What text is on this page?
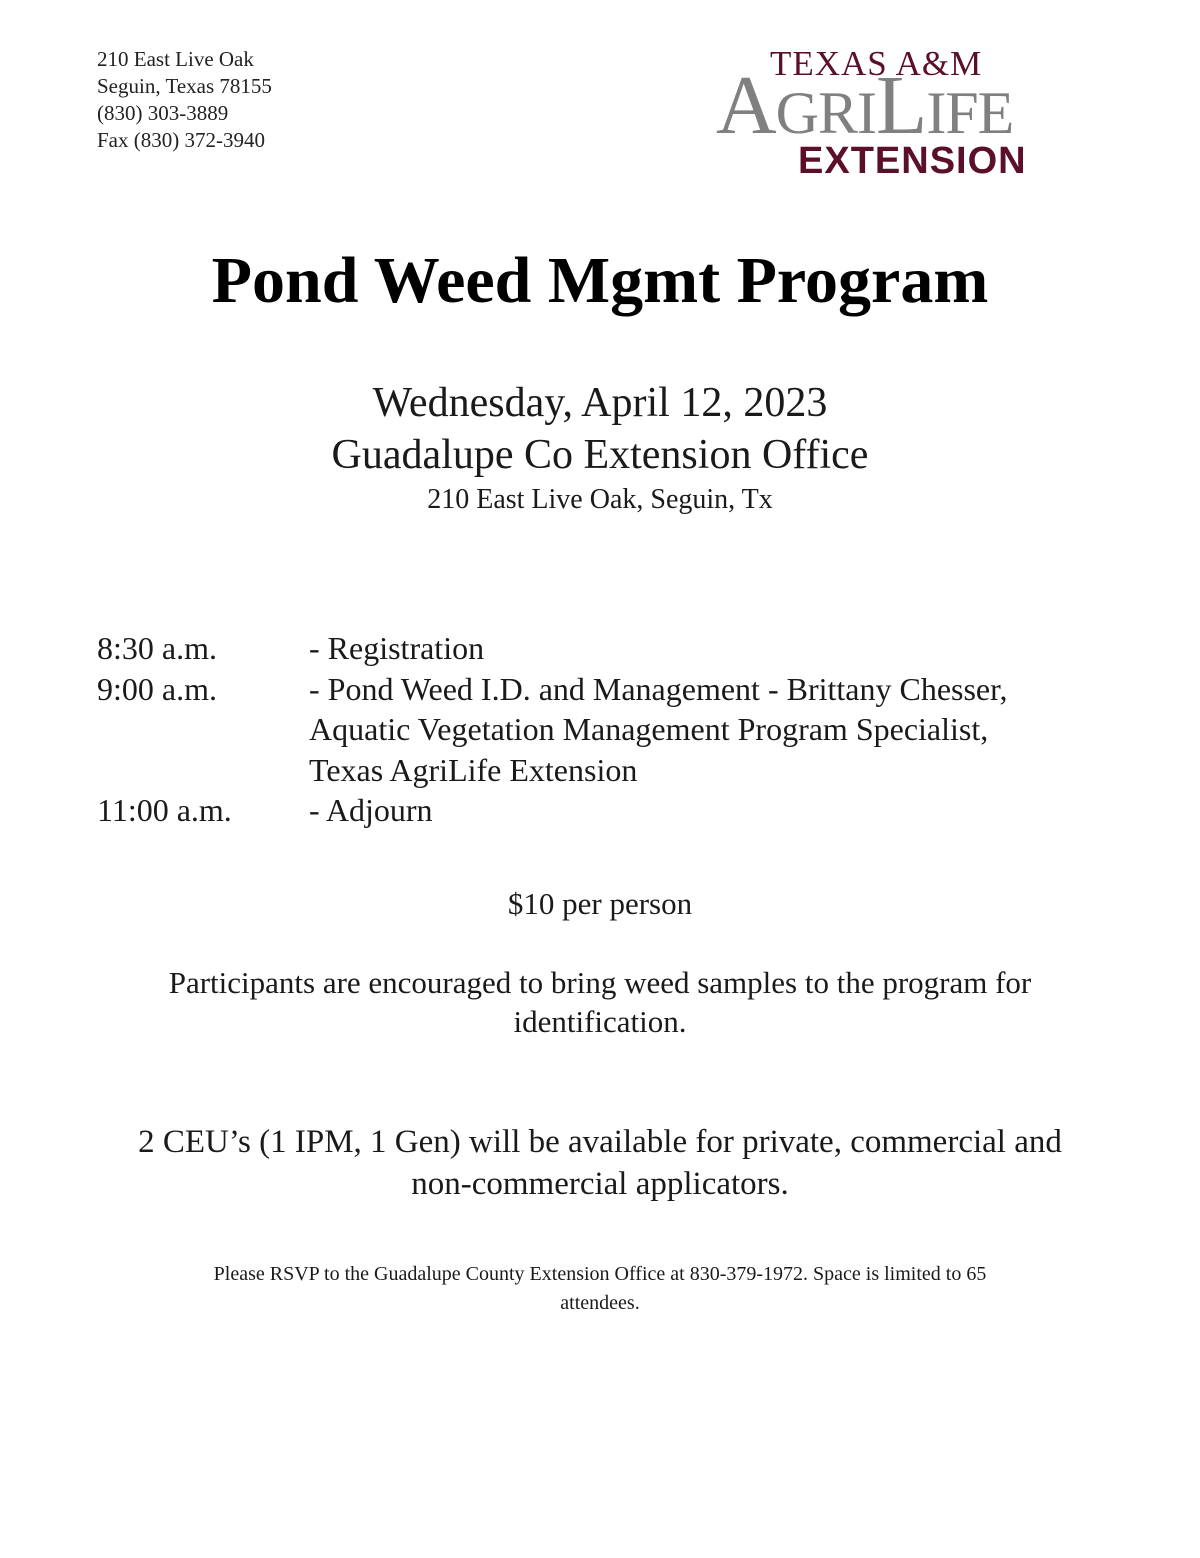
210 East Live Oak
Seguin, Texas 78155
(830) 303-3889
Fax (830) 372-3940
TEXAS A&M
AGRILIFE
EXTENSION
Pond Weed Mgmt Program
Wednesday, April 12, 2023
Guadalupe Co Extension Office
210 East Live Oak, Seguin, Tx
8:30 a.m.	- Registration
9:00 a.m.	- Pond Weed I.D. and Management - Brittany Chesser,
Aquatic Vegetation Management Program Specialist,
Texas AgriLife Extension
11:00 a.m.	- Adjourn
$10 per person
Participants are encouraged to bring weed samples to the program for
identification.
2 CEU’s (1 IPM, 1 Gen) will be available for private, commercial and
non-commercial applicators.
Please RSVP to the Guadalupe County Extension Office at 830-379-1972. Space is limited to 65
attendees.
